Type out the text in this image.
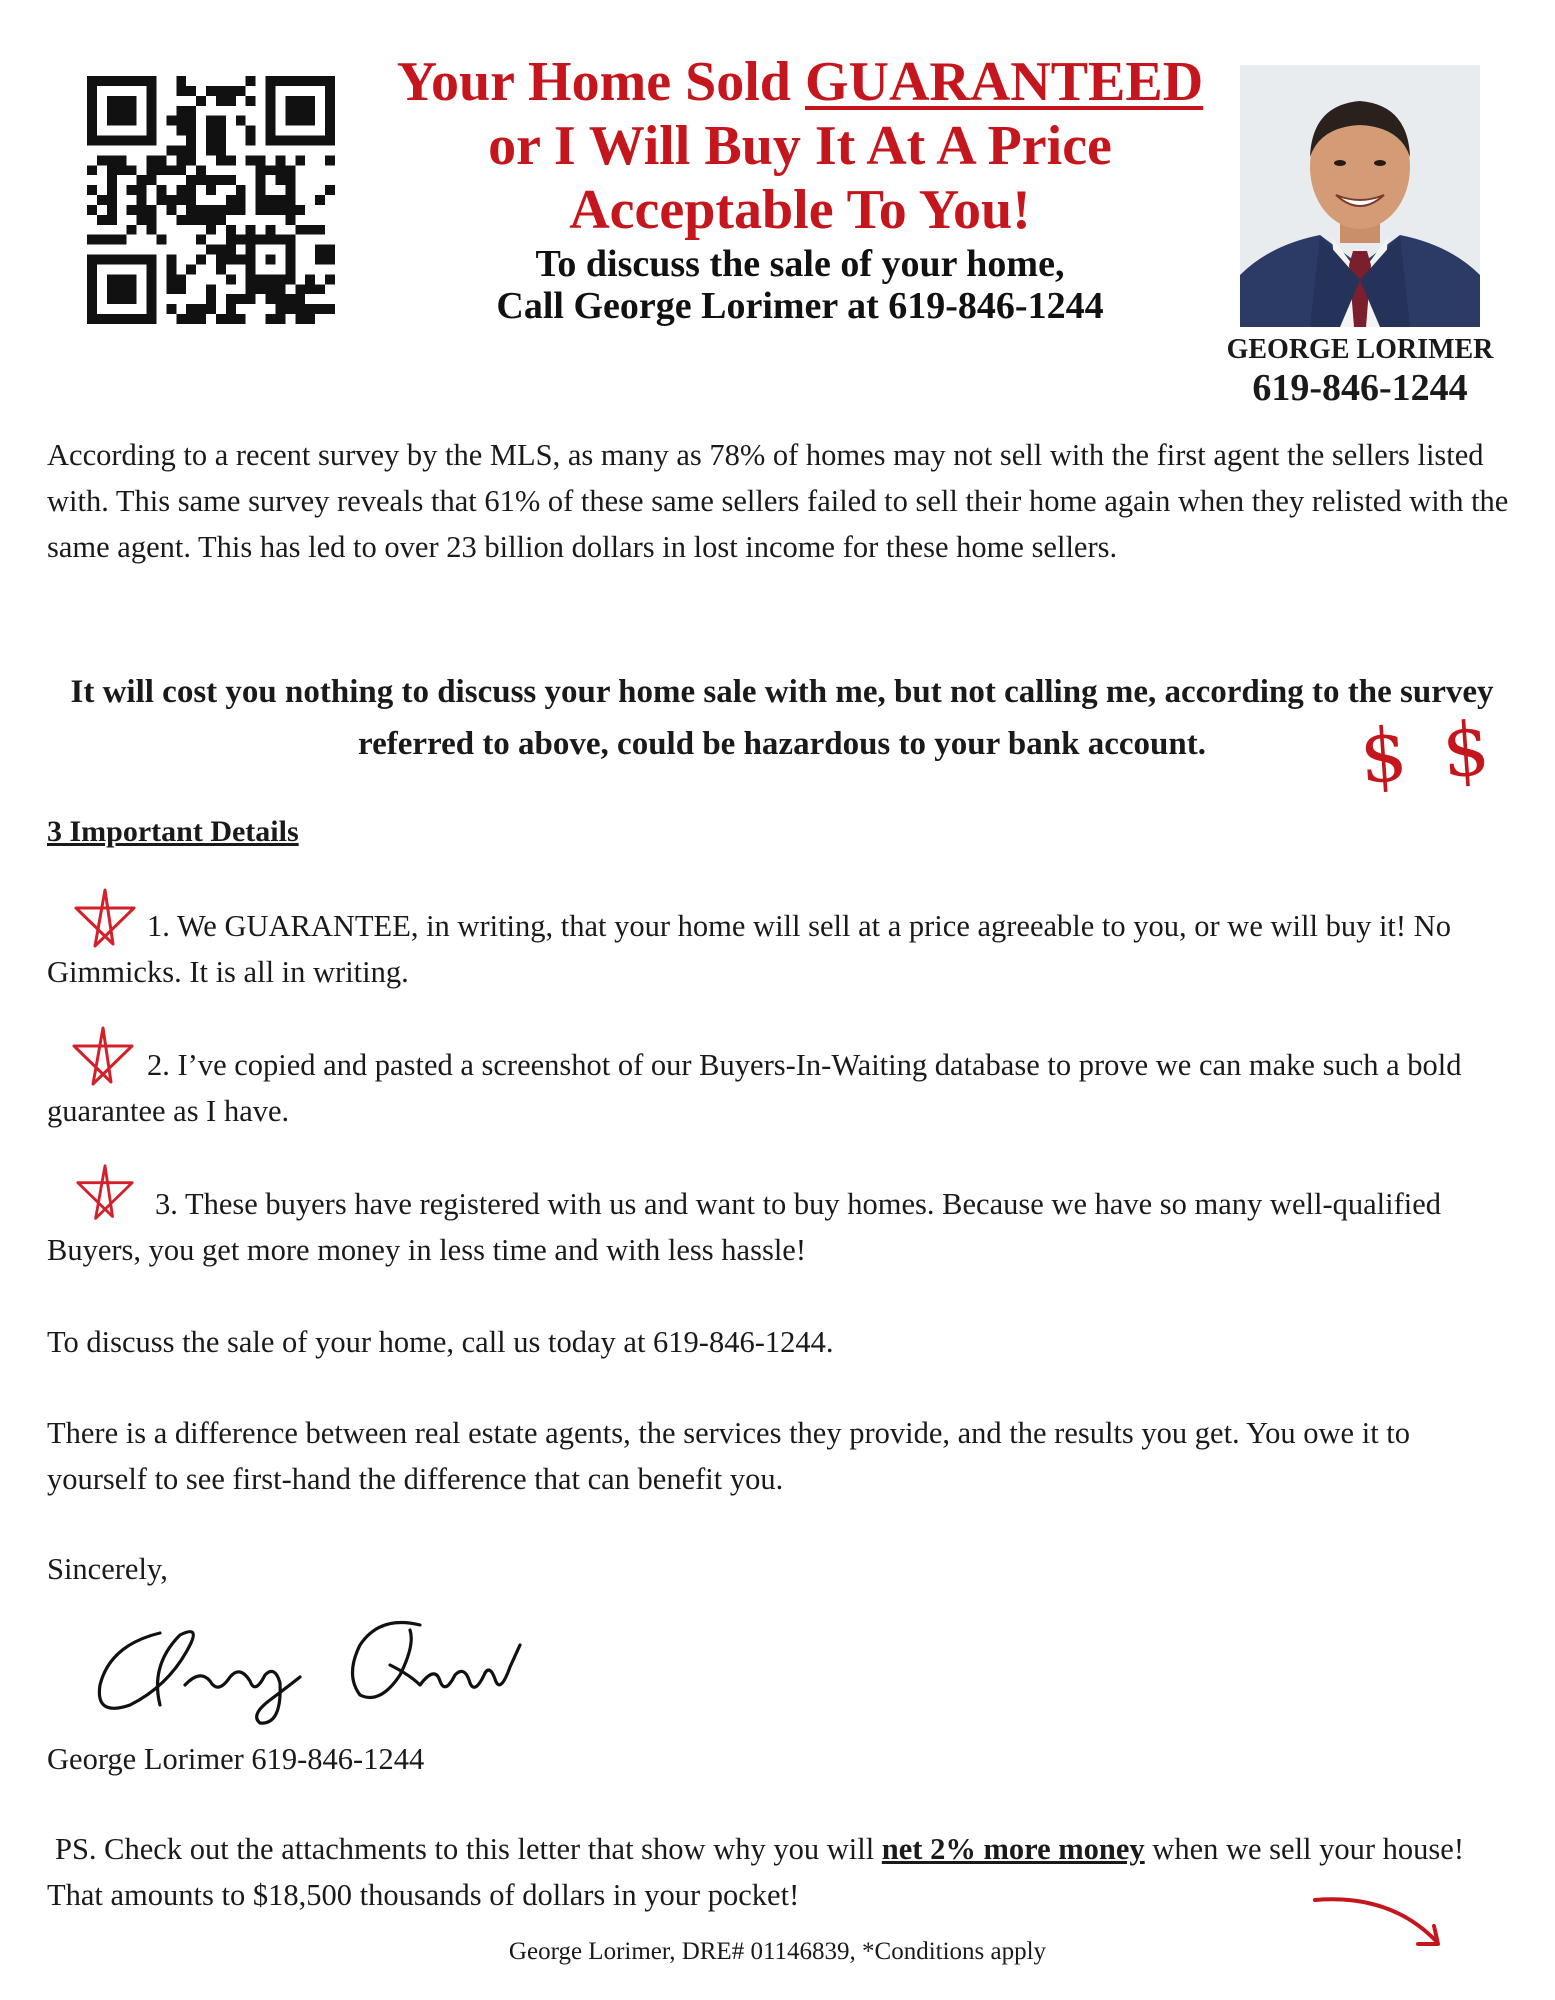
Your Home Sold GUARANTEED
or I Will Buy It At A Price
Acceptable To You!
To discuss the sale of your home,
Call George Lorimer at 619-846-1244
GEORGE LORIMER
619-846-1244
According to a recent survey by the MLS, as many as 78% of homes may not sell with the first agent the sellers listed with. This same survey reveals that 61% of these same sellers failed to sell their home again when they relisted with the same agent. This has led to over 23 billion dollars in lost income for these home sellers.
It will cost you nothing to discuss your home sale with me, but not calling me, according to the survey referred to above, could be hazardous to your bank account.	$ $
3 Important Details
1. We GUARANTEE, in writing, that your home will sell at a price agreeable to you, or we will buy it! No Gimmicks. It is all in writing.
2. I’ve copied and pasted a screenshot of our Buyers-In-Waiting database to prove we can make such a bold guarantee as I have.
3. These buyers have registered with us and want to buy homes. Because we have so many well-qualified Buyers, you get more money in less time and with less hassle!
To discuss the sale of your home, call us today at 619-846-1244.
There is a difference between real estate agents, the services they provide, and the results you get. You owe it to yourself to see first-hand the difference that can benefit you.
Sincerely,
George Lorimer 619-846-1244
PS. Check out the attachments to this letter that show why you will net 2% more money when we sell your house! That amounts to $18,500 thousands of dollars in your pocket!
George Lorimer, DRE# 01146839, *Conditions apply
